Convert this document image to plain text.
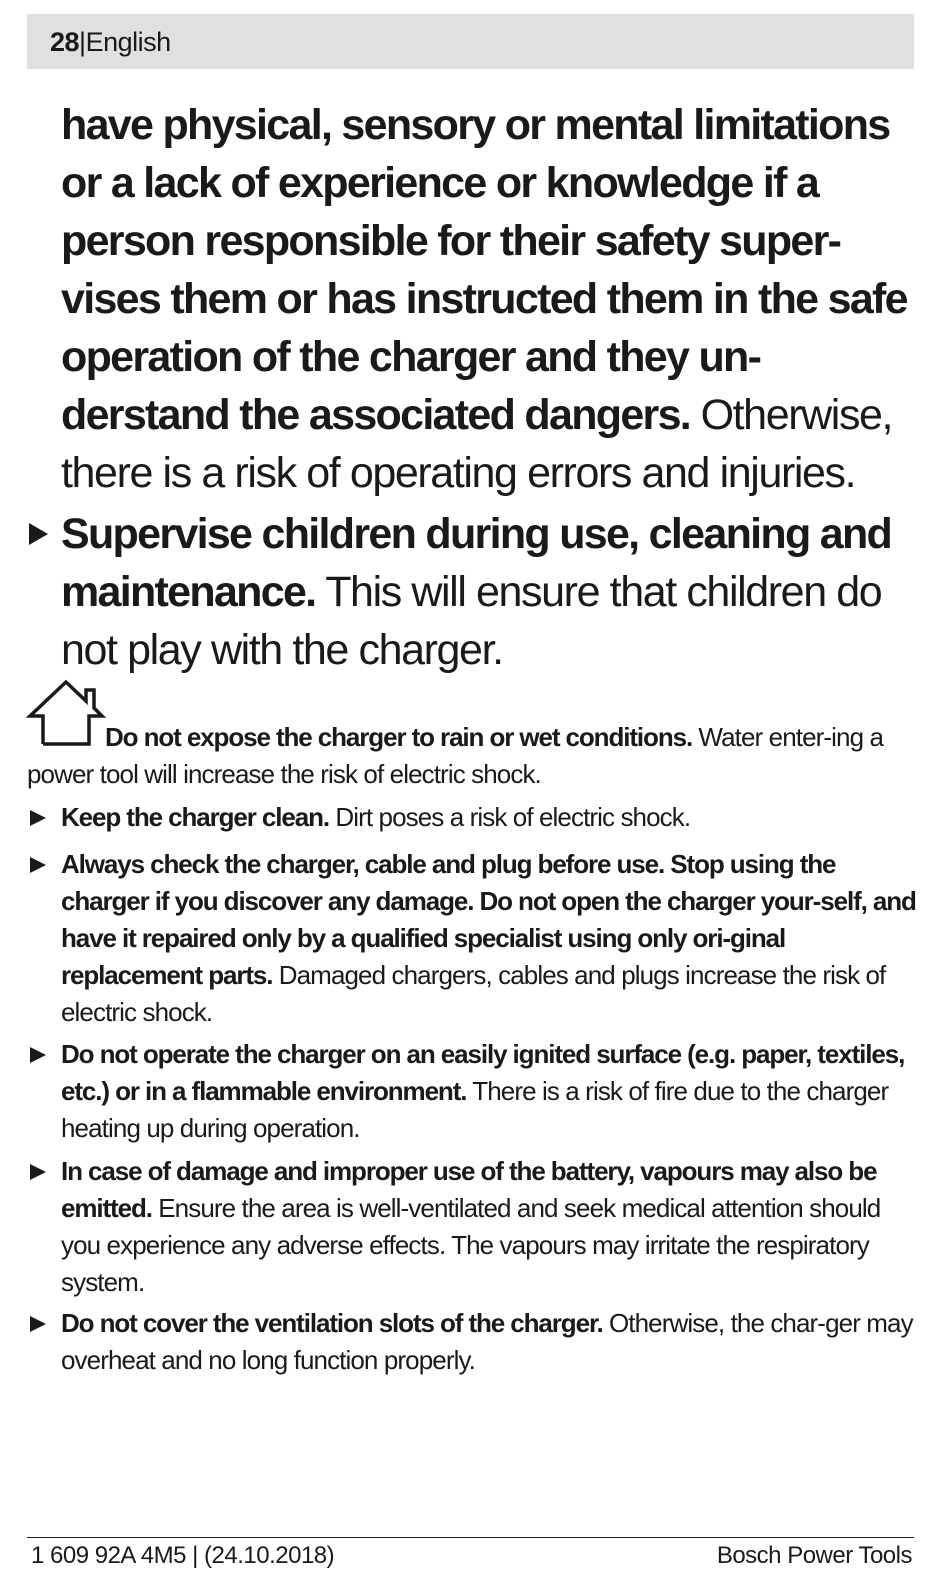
28|English
have physical, sensory or mental limitations or a lack of experience or knowledge if a person responsible for their safety super-vises them or has instructed them in the safe operation of the charger and they un-derstand the associated dangers. Otherwise, there is a risk of operating errors and injuries.
Supervise children during use, cleaning and maintenance. This will ensure that children do not play with the charger.
Do not expose the charger to rain or wet conditions. Water enter-ing a power tool will increase the risk of electric shock.
Keep the charger clean. Dirt poses a risk of electric shock.
Always check the charger, cable and plug before use. Stop using the charger if you discover any damage. Do not open the charger your-self, and have it repaired only by a qualified specialist using only ori-ginal replacement parts. Damaged chargers, cables and plugs increase the risk of electric shock.
Do not operate the charger on an easily ignited surface (e.g. paper, textiles, etc.) or in a flammable environment. There is a risk of fire due to the charger heating up during operation.
In case of damage and improper use of the battery, vapours may also be emitted. Ensure the area is well-ventilated and seek medical attention should you experience any adverse effects. The vapours may irritate the respiratory system.
Do not cover the ventilation slots of the charger. Otherwise, the char-ger may overheat and no long function properly.
1 609 92A 4M5 | (24.10.2018)	Bosch Power Tools
